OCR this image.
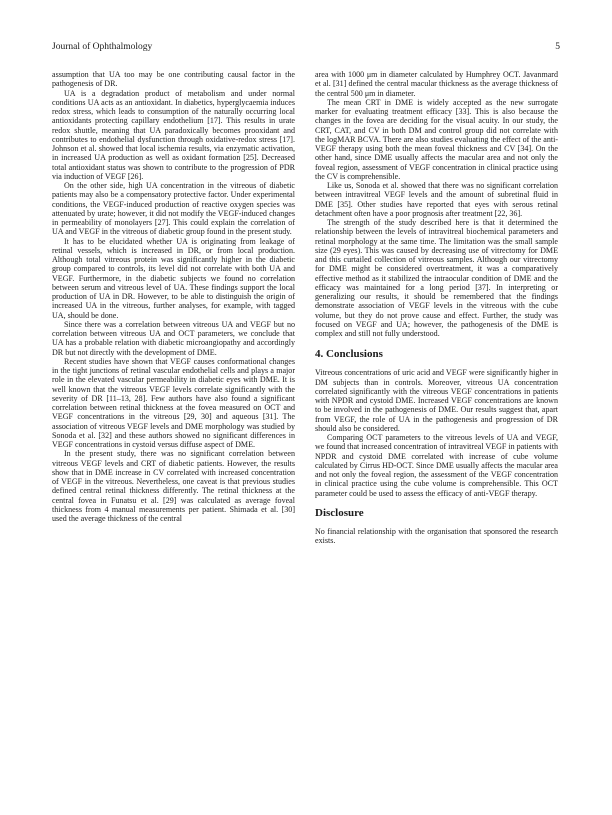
Journal of Ophthalmology	5

assumption that UA too may be one contributing causal factor in the pathogenesis of DR.

UA is a degradation product of metabolism and under normal conditions UA acts as an antioxidant. In diabetics, hyperglycaemia induces redox stress, which leads to consumption of the naturally occurring local antioxidants protecting capillary endothelium [17]. This results in urate redox shuttle, meaning that UA paradoxically becomes prooxidant and contributes to endothelial dysfunction through oxidative-redox stress [17]. Johnson et al. showed that local ischemia results, via enzymatic activation, in increased UA production as well as oxidant formation [25]. Decreased total antioxidant status was shown to contribute to the progression of PDR via induction of VEGF [26].

On the other side, high UA concentration in the vitreous of diabetic patients may also be a compensatory protective factor. Under experimental conditions, the VEGF-induced production of reactive oxygen species was attenuated by urate; however, it did not modify the VEGF-induced changes in permeability of monolayers [27]. This could explain the correlation of UA and VEGF in the vitreous of diabetic group found in the present study.

It has to be elucidated whether UA is originating from leakage of retinal vessels, which is increased in DR, or from local production. Although total vitreous protein was significantly higher in the diabetic group compared to controls, its level did not correlate with both UA and VEGF. Furthermore, in the diabetic subjects we found no correlation between serum and vitreous level of UA. These findings support the local production of UA in DR. However, to be able to distinguish the origin of increased UA in the vitreous, further analyses, for example, with tagged UA, should be done.

Since there was a correlation between vitreous UA and VEGF but no correlation between vitreous UA and OCT parameters, we conclude that UA has a probable relation with diabetic microangiopathy and accordingly DR but not directly with the development of DME.

Recent studies have shown that VEGF causes conformational changes in the tight junctions of retinal vascular endothelial cells and plays a major role in the elevated vascular permeability in diabetic eyes with DME. It is well known that the vitreous VEGF levels correlate significantly with the severity of DR [11–13, 28]. Few authors have also found a significant correlation between retinal thickness at the fovea measured on OCT and VEGF concentrations in the vitreous [29, 30] and aqueous [31]. The association of vitreous VEGF levels and DME morphology was studied by Sonoda et al. [32] and these authors showed no significant differences in VEGF concentrations in cystoid versus diffuse aspect of DME.

In the present study, there was no significant correlation between vitreous VEGF levels and CRT of diabetic patients. However, the results show that in DME increase in CV correlated with increased concentration of VEGF in the vitreous. Nevertheless, one caveat is that previous studies defined central retinal thickness differently. The retinal thickness at the central fovea in Funatsu et al. [29] was calculated as average foveal thickness from 4 manual measurements per patient. Shimada et al. [30] used the average thickness of the central

area with 1000 μm in diameter calculated by Humphrey OCT. Javanmard et al. [31] defined the central macular thickness as the average thickness of the central 500 μm in diameter.

The mean CRT in DME is widely accepted as the new surrogate marker for evaluating treatment efficacy [33]. This is also because the changes in the fovea are deciding for the visual acuity. In our study, the CRT, CAT, and CV in both DM and control group did not correlate with the logMAR BCVA. There are also studies evaluating the effect of the anti-VEGF therapy using both the mean foveal thickness and CV [34]. On the other hand, since DME usually affects the macular area and not only the foveal region, assessment of VEGF concentration in clinical practice using the CV is comprehensible.

Like us, Sonoda et al. showed that there was no significant correlation between intravitreal VEGF levels and the amount of subretinal fluid in DME [35]. Other studies have reported that eyes with serous retinal detachment often have a poor prognosis after treatment [22, 36].

The strength of the study described here is that it determined the relationship between the levels of intravitreal biochemical parameters and retinal morphology at the same time. The limitation was the small sample size (29 eyes). This was caused by decreasing use of vitrectomy for DME and this curtailed collection of vitreous samples. Although our vitrectomy for DME might be considered overtreatment, it was a comparatively effective method as it stabilized the intraocular condition of DME and the efficacy was maintained for a long period [37]. In interpreting or generalizing our results, it should be remembered that the findings demonstrate association of VEGF levels in the vitreous with the cube volume, but they do not prove cause and effect. Further, the study was focused on VEGF and UA; however, the pathogenesis of the DME is complex and still not fully understood.

4. Conclusions

Vitreous concentrations of uric acid and VEGF were significantly higher in DM subjects than in controls. Moreover, vitreous UA concentration correlated significantly with the vitreous VEGF concentrations in patients with NPDR and cystoid DME. Increased VEGF concentrations are known to be involved in the pathogenesis of DME. Our results suggest that, apart from VEGF, the role of UA in the pathogenesis and progression of DR should also be considered.

Comparing OCT parameters to the vitreous levels of UA and VEGF, we found that increased concentration of intravitreal VEGF in patients with NPDR and cystoid DME correlated with increase of cube volume calculated by Cirrus HD-OCT. Since DME usually affects the macular area and not only the foveal region, the assessment of the VEGF concentration in clinical practice using the cube volume is comprehensible. This OCT parameter could be used to assess the efficacy of anti-VEGF therapy.

Disclosure

No financial relationship with the organisation that sponsored the research exists.
